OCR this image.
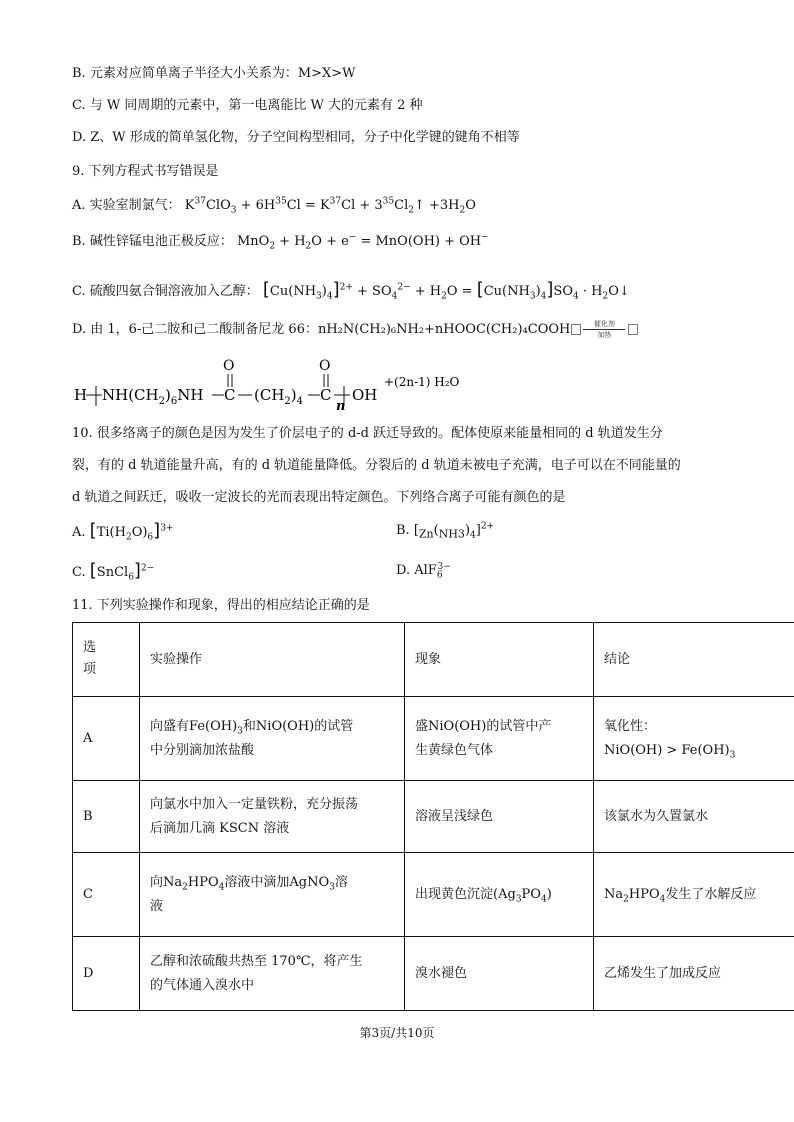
B. 元素对应简单离子半径大小关系为：M>X>W
C. 与 W 同周期的元素中，第一电离能比 W 大的元素有 2 种
D. Z、W 形成的简单氢化物，分子空间构型相同，分子中化学键的键角不相等
9. 下列方程式书写错误是
A. 实验室制氯气： $K^{37}ClO_3 + 6H^{35}Cl = K^{37}Cl$ + $3^{35}Cl_2↑ +3H_2O$
B. 碱性锌锰电池正极反应： $MnO_2 + H_2O + e^- = MnO(OH) + OH^-$
C. 硫酸四氨合铜溶液加入乙醇： $[Cu(NH_3)_4]^{2+} + SO_4^{2-} + H_2O = [Cu(NH_3)_4]SO_4$ · $H_2O↓$
D. 由 1，6-己二胺和己二酸制备尼龙 66：nH₂N(CH₂)₆NH₂+nHOOC(CH₂)₄COOH	催化剂
加热
H $NH(CH_2)_6NH$ C
O
$(CH_2)_4$ C
O
n
OH
+(2n-1) H₂O
10. 很多络离子的颜色是因为发生了价层电子的 d-d 跃迁导致的。配体使原来能量相同的 d 轨道发生分
裂，有的 d 轨道能量升高，有的 d 轨道能量降低。分裂后的 d 轨道未被电子充满，电子可以在不同能量的
d 轨道之间跃迁，吸收一定波长的光而表现出特定颜色。下列络合离子可能有颜色的是
A. $[Ti(H_2O)_6]^{3+}$	B. $[_{Zn}(_{NH3})_4]^{2+}$
C. [SnCl$_6$]$^{2-}$	D. AlF$_6^{3-}$
11. 下列实验操作和现象，得出的相应结论正确的是
选项	实验操作	现象	结论
A	向盛有$Fe(OH)_3$和NiO(OH)的试管
中分别滴加浓盐酸	盛NiO(OH)的试管中产
生黄绿色气体	氧化性：
$NiO(OH) > Fe(OH)_3$
B	向氯水中加入一定量铁粉，充分振荡
后滴加几滴 KSCN 溶液	溶液呈浅绿色	该氯水为久置氯水
C	向$Na_2HPO_4$溶液中滴加AgNO$_3$溶
液	出现黄色沉淀$(Ag_3PO_4)$	$Na_2HPO_4$发生了水解反应
D	乙醇和浓硫酸共热至 170℃，将产生
的气体通入溴水中	溴水褪色	乙烯发生了加成反应
第3页/共10页
